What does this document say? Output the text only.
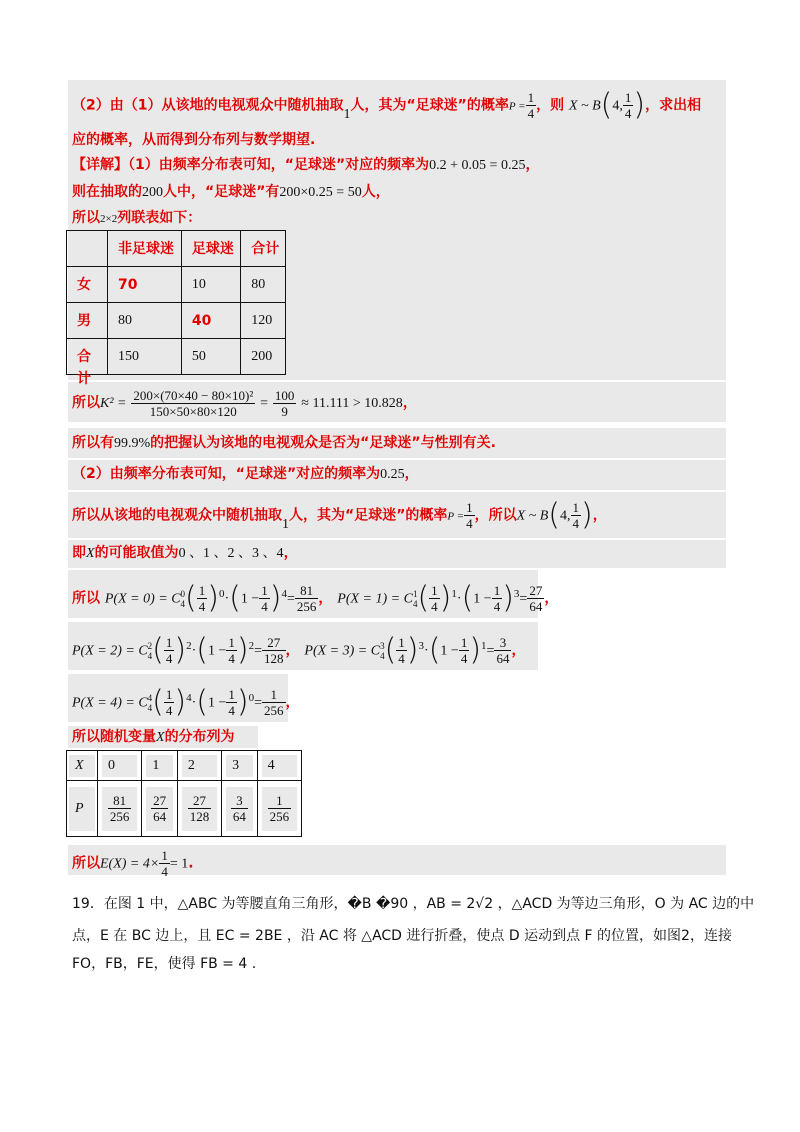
（2）由（1）从该地的电视观众中随机抽取1人，其为“足球迷”的概率$P = \frac{1}{4}$ ，则 X ~ B(4, $\frac{1}{4}$ )，求出相
应的概率，从而得到分布列与数学期望.
【详解】（1）由频率分布表可知，“足球迷”对应的频率为0.2 + 0.05 = 0.25，
则在抽取的200人中，“足球迷”有200×0.25 = 50人，
所以2×2列联表如下：

	非足球迷	足球迷	合计

女	70	10	80

男	80	40	120

合计	150	50	200
所以$K^2 = \frac{\text{200×(70×40 − 80×10)²}}{150\times 50\times 80\times 120} = \frac{100}{9} \approx 11.111 > 10.828$，
所以有99.9%的把握认为该地的电视观众是否为“足球迷”与性别有关.
（2）由频率分布表可知，“足球迷”对应的频率为0.25，
所以从该地的电视观众中随机抽取1人，其为“足球迷”的概率$P = \frac{1}{4}$ ，所以X ~ B(4, $\frac{1}{4}$ )，
即X的可能取值为0 、1 、2 、3 、4，
所以 P(X = 0) = C 0
4 ( $\frac{1}{4} )^0\cdot(1 - \frac{1}{4} )^4= \frac{81}{256}$ ， P(X = 1) = C 1
4 ( $\frac{1}{4} )^1\cdot(1 - \frac{1}{4} )^3= \frac{27}{64}$ ，
P(X = 2) = C 2
4 ( $\frac{1}{4} )^2\cdot(1 - \frac{1}{4} )^2= \frac{27}{128}$ ， P(X = 3) = C 3
4 ( $\frac{1}{4} )^3\cdot(1 - \frac{1}{4} )^1= \frac{3}{64}$ ，
P(X = 4) = C 4
4 ( $\frac{1}{4} )^4\cdot(1 - \frac{1}{4} )^0= \frac{1}{256}$ ，
所以随机变量X的分布列为
X	0	1	2	3	4

P	$\frac{81}{256}$	$\frac{27}{64}$	$\frac{27}{128}$	$\frac{3}{64}$	$\frac{1}{256}$
所以$E(X) = 4\times \frac{1}{4} = 1$.
19．在图 1 中，△ABC 为等腰直角三角形，�B �90 ，AB = 2√2 ，△ACD 为等边三角形，O 为 AC 边的中
点，E 在 BC 边上，且 EC = 2BE ，沿 AC 将 △ACD 进行折叠，使点 D 运动到点 F 的位置，如图2，连接
FO，FB，FE，使得 FB = 4 .
